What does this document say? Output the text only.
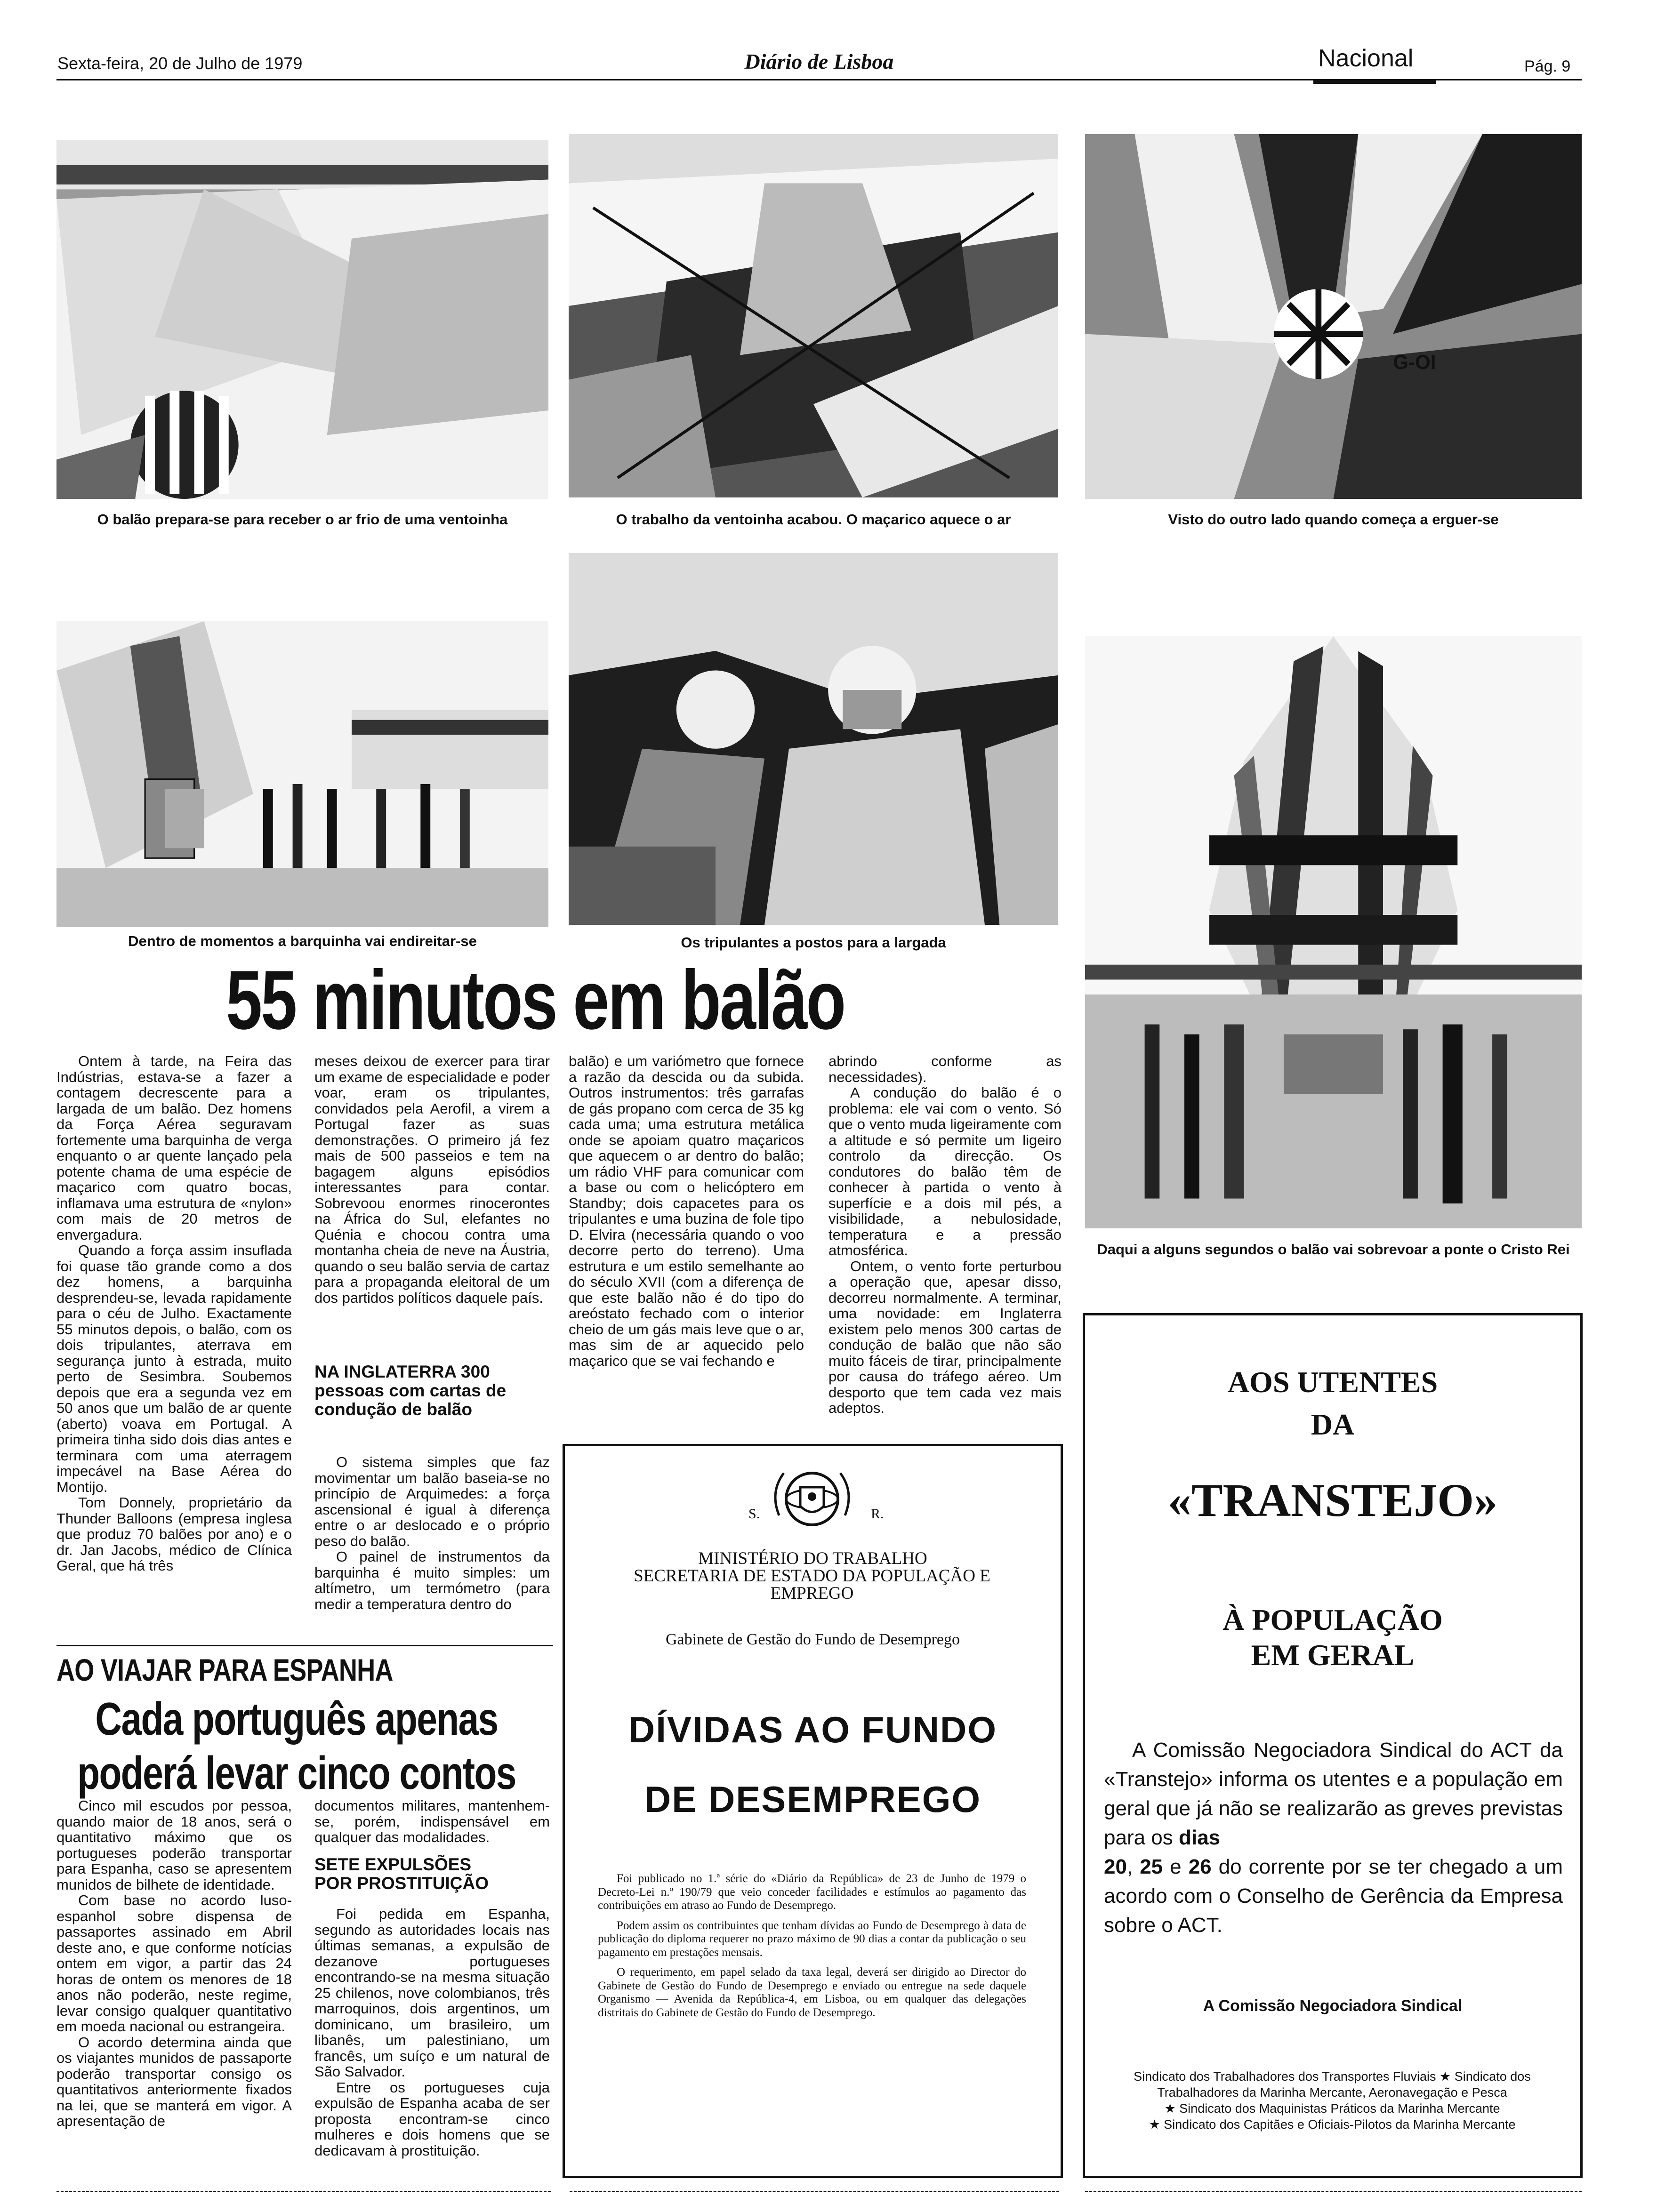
Sexta-feira, 20 de Julho de 1979	Diário de Lisboa	Nacional	Pág. 9
O balão prepara-se para receber o ar frio de uma ventoinha	O trabalho da ventoinha acabou. O maçarico aquece o ar
G-OI
Visto do outro lado quando começa a erguer-se
Dentro de momentos a barquinha vai endireitar-se	Os tripulantes a postos para a largada
Daqui a alguns segundos o balão vai sobrevoar a ponte o Cristo Rei
55 minutos em balão

Ontem à tarde, na Feira das Indústrias, estava-se a fazer a contagem decrescente para a largada de um balão. Dez homens da Força Aérea seguravam fortemente uma barquinha de verga enquanto o ar quente lançado pela potente chama de uma espécie de maçarico com quatro bocas, inflamava uma estrutura de «nylon» com mais de 20 metros de envergadura.

Quando a força assim insuflada foi quase tão grande como a dos dez homens, a barquinha desprendeu-se, levada rapidamente para o céu de Julho. Exactamente 55 minutos depois, o balão, com os dois tripulantes, aterrava em segurança junto à estrada, muito perto de Sesimbra. Soubemos depois que era a segunda vez em 50 anos que um balão de ar quente (aberto) voava em Portugal. A primeira tinha sido dois dias antes e terminara com uma aterragem impecável na Base Aérea do Montijo.

Tom Donnely, proprietário da Thunder Balloons (empresa inglesa que produz 70 balões por ano) e o dr. Jan Jacobs, médico de Clínica Geral, que há três

meses deixou de exercer para tirar um exame de especialidade e poder voar, eram os tripulantes, convidados pela Aerofil, a virem a Portugal fazer as suas demonstrações. O primeiro já fez mais de 500 passeios e tem na bagagem alguns episódios interessantes para contar. Sobrevoou enormes rinocerontes na África do Sul, elefantes no Quénia e chocou contra uma montanha cheia de neve na Áustria, quando o seu balão servia de cartaz para a propaganda eleitoral de um dos partidos políticos daquele país.

NA INGLATERRA 300 pessoas com cartas de condução de balão

O sistema simples que faz movimentar um balão baseia-se no princípio de Arquimedes: a força ascensional é igual à diferença entre o ar deslocado e o próprio peso do balão.

O painel de instrumentos da barquinha é muito simples: um altímetro, um termómetro (para medir a temperatura dentro do

balão) e um variómetro que fornece a razão da descida ou da subida. Outros instrumentos: três garrafas de gás propano com cerca de 35 kg cada uma; uma estrutura metálica onde se apoiam quatro maçaricos que aquecem o ar dentro do balão; um rádio VHF para comunicar com a base ou com o helicóptero em Standby; dois capacetes para os tripulantes e uma buzina de fole tipo D. Elvira (necessária quando o voo decorre perto do terreno). Uma estrutura e um estilo semelhante ao do século XVII (com a diferença de que este balão não é do tipo do areóstato fechado com o interior cheio de um gás mais leve que o ar, mas sim de ar aquecido pelo maçarico que se vai fechando e

abrindo conforme as necessidades).

A condução do balão é o problema: ele vai com o vento. Só que o vento muda ligeiramente com a altitude e só permite um ligeiro controlo da direcção. Os condutores do balão têm de conhecer à partida o vento à superfície e a dois mil pés, a visibilidade, a nebulosidade, temperatura e a pressão atmosférica.

Ontem, o vento forte perturbou a operação que, apesar disso, decorreu normalmente. A terminar, uma novidade: em Inglaterra existem pelo menos 300 cartas de condução de balão que não são muito fáceis de tirar, principalmente por causa do tráfego aéreo. Um desporto que tem cada vez mais adeptos.

AO VIAJAR PARA ESPANHA
Cada português apenas poderá levar cinco contos

Cinco mil escudos por pessoa, quando maior de 18 anos, será o quantitativo máximo que os portugueses poderão transportar para Espanha, caso se apresentem munidos de bilhete de identidade.

Com base no acordo luso-espanhol sobre dispensa de passaportes assinado em Abril deste ano, e que conforme notícias ontem em vigor, a partir das 24 horas de ontem os menores de 18 anos não poderão, neste regime, levar consigo qualquer quantitativo em moeda nacional ou estrangeira.

O acordo determina ainda que os viajantes munidos de passaporte poderão transportar consigo os quantitativos anteriormente fixados na lei, que se manterá em vigor. A apresentação de

documentos militares, mantenhem-se, porém, indispensável em qualquer das modalidades.

SETE EXPULSÕES POR PROSTITUIÇÃO

Foi pedida em Espanha, segundo as autoridades locais nas últimas semanas, a expulsão de dezanove portugueses encontrando-se na mesma situação 25 chilenos, nove colombianos, três marroquinos, dois argentinos, um dominicano, um brasileiro, um libanês, um palestiniano, um francês, um suíço e um natural de São Salvador.

Entre os portugueses cuja expulsão de Espanha acaba de ser proposta encontram-se cinco mulheres e dois homens que se dedicavam à prostituição.

S.	R.
MINISTÉRIO DO TRABALHO
SECRETARIA DE ESTADO DA POPULAÇÃO E EMPREGO
Gabinete de Gestão do Fundo de Desemprego
DÍVIDAS AO FUNDO
DE DESEMPREGO

Foi publicado no 1.ª série do «Diário da República» de 23 de Junho de 1979 o Decreto-Lei n.º 190/79 que veio conceder facilidades e estímulos ao pagamento das contribuições em atraso ao Fundo de Desemprego.

Podem assim os contribuintes que tenham dívidas ao Fundo de Desemprego à data de publicação do diploma requerer no prazo máximo de 90 dias a contar da publicação o seu pagamento em prestações mensais.

O requerimento, em papel selado da taxa legal, deverá ser dirigido ao Director do Gabinete de Gestão do Fundo de Desemprego e enviado ou entregue na sede daquele Organismo — Avenida da República-4, em Lisboa, ou em qualquer das delegações distritais do Gabinete de Gestão do Fundo de Desemprego.

AOS UTENTES
DA
«TRANSTEJO»
À POPULAÇÃO
EM GERAL
A Comissão Negociadora Sindical do ACT da «Transtejo» informa os utentes e a população em geral que já não se realizarão as greves previstas para os dias
20, 25 e 26 do corrente por se ter chegado a um acordo com o Conselho de Gerência da Empresa sobre o ACT.
A Comissão Negociadora Sindical
Sindicato dos Trabalhadores dos Transportes Fluviais ★ Sindicato dos Trabalhadores da Marinha Mercante, Aeronavegação e Pesca
★ Sindicato dos Maquinistas Práticos da Marinha Mercante
★ Sindicato dos Capitães e Oficiais-Pilotos da Marinha Mercante
